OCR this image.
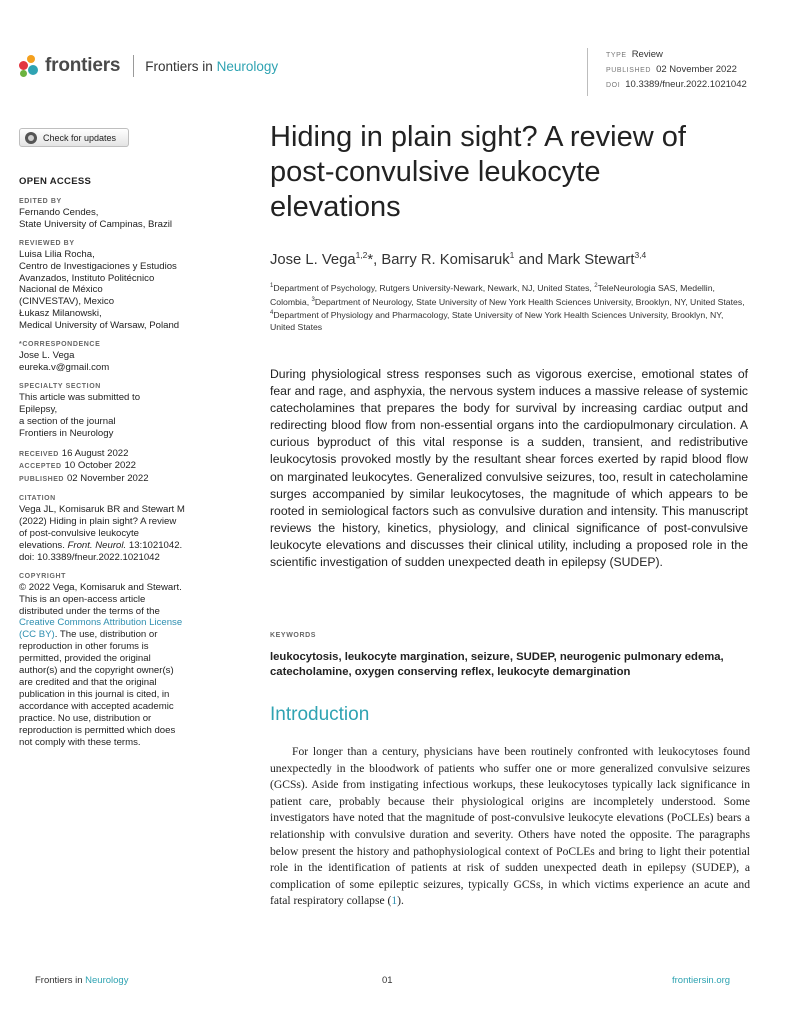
frontiers Frontiers in Neurology
TYPE Review
PUBLISHED 02 November 2022
DOI 10.3389/fneur.2022.1021042
Check for updates
OPEN ACCESS
EDITED BY
Fernando Cendes,
State University of Campinas, Brazil
REVIEWED BY
Luisa Lilia Rocha,
Centro de Investigaciones y Estudios
Avanzados, Instituto Politécnico
Nacional de México
(CINVESTAV), Mexico
Łukasz Milanowski,
Medical University of Warsaw, Poland
*CORRESPONDENCE
Jose L. Vega
eureka.v@gmail.com
SPECIALTY SECTION
This article was submitted to
Epilepsy,
a section of the journal
Frontiers in Neurology
RECEIVED 16 August 2022
ACCEPTED 10 October 2022
PUBLISHED 02 November 2022
CITATION
Vega JL, Komisaruk BR and Stewart M
(2022) Hiding in plain sight? A review
of post-convulsive leukocyte
elevations. Front. Neurol. 13:1021042.
doi: 10.3389/fneur.2022.1021042
COPYRIGHT
© 2022 Vega, Komisaruk and Stewart.
This is an open-access article
distributed under the terms of the
Creative Commons Attribution License
(CC BY). The use, distribution or
reproduction in other forums is
permitted, provided the original
author(s) and the copyright owner(s)
are credited and that the original
publication in this journal is cited, in
accordance with accepted academic
practice. No use, distribution or
reproduction is permitted which does
not comply with these terms.
Hiding in plain sight? A review of
post-convulsive leukocyte
elevations
Jose L. Vega$^{1,2}$*, Barry R. Komisaruk$^1$ and Mark Stewart$^{3,4}$
$^1$Department of Psychology, Rutgers University-Newark, Newark, NJ, United States, $^2$TeleNeurologia SAS, Medellin, Colombia, $^3$Department of Neurology, State University of New York Health Sciences University, Brooklyn, NY, United States, $^4$Department of Physiology and Pharmacology, State University of New York Health Sciences University, Brooklyn, NY, United States
During physiological stress responses such as vigorous exercise, emotional states of fear and rage, and asphyxia, the nervous system induces a massive release of systemic catecholamines that prepares the body for survival by increasing cardiac output and redirecting blood flow from non-essential organs into the cardiopulmonary circulation. A curious byproduct of this vital response is a sudden, transient, and redistributive leukocytosis provoked mostly by the resultant shear forces exerted by rapid blood flow on marginated leukocytes. Generalized convulsive seizures, too, result in catecholamine surges accompanied by similar leukocytoses, the magnitude of which appears to be rooted in semiological factors such as convulsive duration and intensity. This manuscript reviews the history, kinetics, physiology, and clinical significance of post-convulsive leukocyte elevations and discusses their clinical utility, including a proposed role in the scientific investigation of sudden unexpected death in epilepsy (SUDEP).
KEYWORDS
leukocytosis, leukocyte margination, seizure, SUDEP, neurogenic pulmonary edema, catecholamine, oxygen conserving reflex, leukocyte demargination
Introduction
For longer than a century, physicians have been routinely confronted with leukocytoses found unexpectedly in the bloodwork of patients who suffer one or more generalized convulsive seizures (GCSs). Aside from instigating infectious workups, these leukocytoses typically lack significance in patient care, probably because their physiological origins are incompletely understood. Some investigators have noted that the magnitude of post-convulsive leukocyte elevations (PoCLEs) bears a relationship with convulsive duration and severity. Others have noted the opposite. The paragraphs below present the history and pathophysiological context of PoCLEs and bring to light their potential role in the identification of patients at risk of sudden unexpected death in epilepsy (SUDEP), a complication of some epileptic seizures, typically GCSs, in which victims experience an acute and fatal respiratory collapse (1).
Frontiers in Neurology	01	frontiersin.org
